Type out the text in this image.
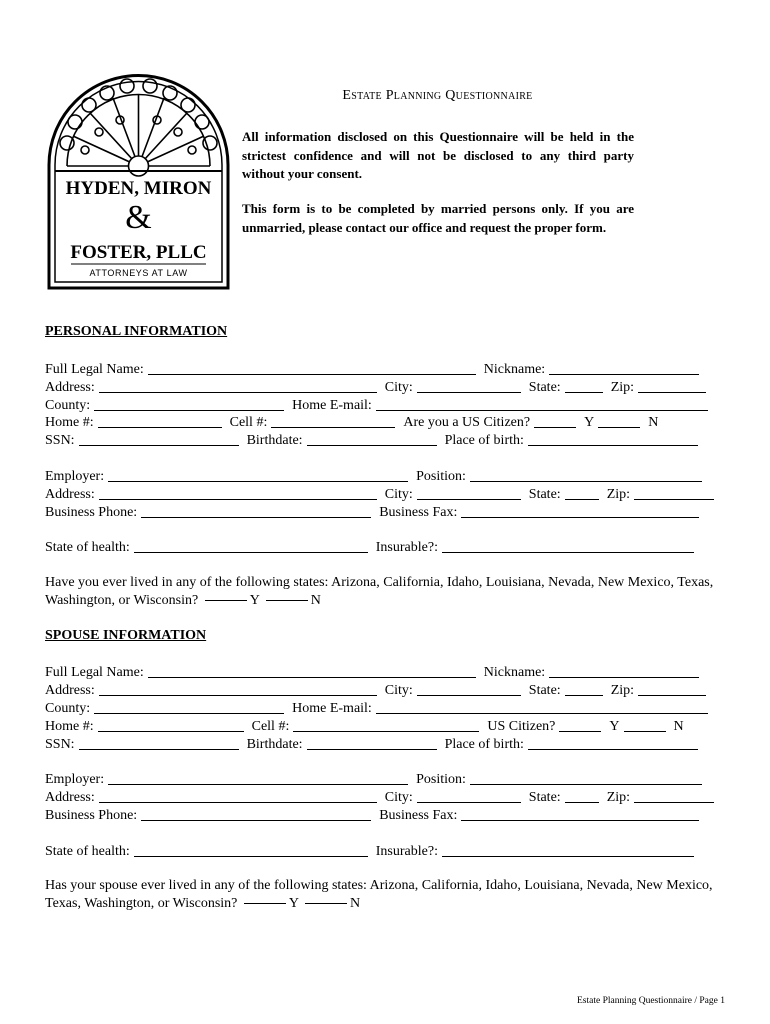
HYDEN, MIRON
&
FOSTER, PLLC
ATTORNEYS AT LAW
Estate Planning Questionnaire
All information disclosed on this Questionnaire will be held in the strictest confidence and will not be disclosed to any third party without your consent.
This form is to be completed by married persons only. If you are unmarried, please contact our office and request the proper form.
PERSONAL INFORMATION
Full Legal Name:	Nickname:
Address:	City:	State:	Zip:
County:	Home E-mail:
Home #:	Cell #:	Are you a US Citizen?	Y	N
SSN:	Birthdate:	Place of birth:
Employer:	Position:
Address:	City:	State:	Zip:
Business Phone:	Business Fax:
State of health:	Insurable?:
Have you ever lived in any of the following states: Arizona, California, Idaho, Louisiana, Nevada, New Mexico, Texas, Washington, or Wisconsin?	Y	N
SPOUSE INFORMATION
Full Legal Name:	Nickname:
Address:	City:	State:	Zip:
County:	Home E-mail:
Home #:	Cell #:	US Citizen?	Y	N
SSN:	Birthdate:	Place of birth:
Employer:	Position:
Address:	City:	State:	Zip:
Business Phone:	Business Fax:
State of health:	Insurable?:
Has your spouse ever lived in any of the following states: Arizona, California, Idaho, Louisiana, Nevada, New Mexico, Texas, Washington, or Wisconsin?	Y	N
Estate Planning Questionnaire / Page 1
